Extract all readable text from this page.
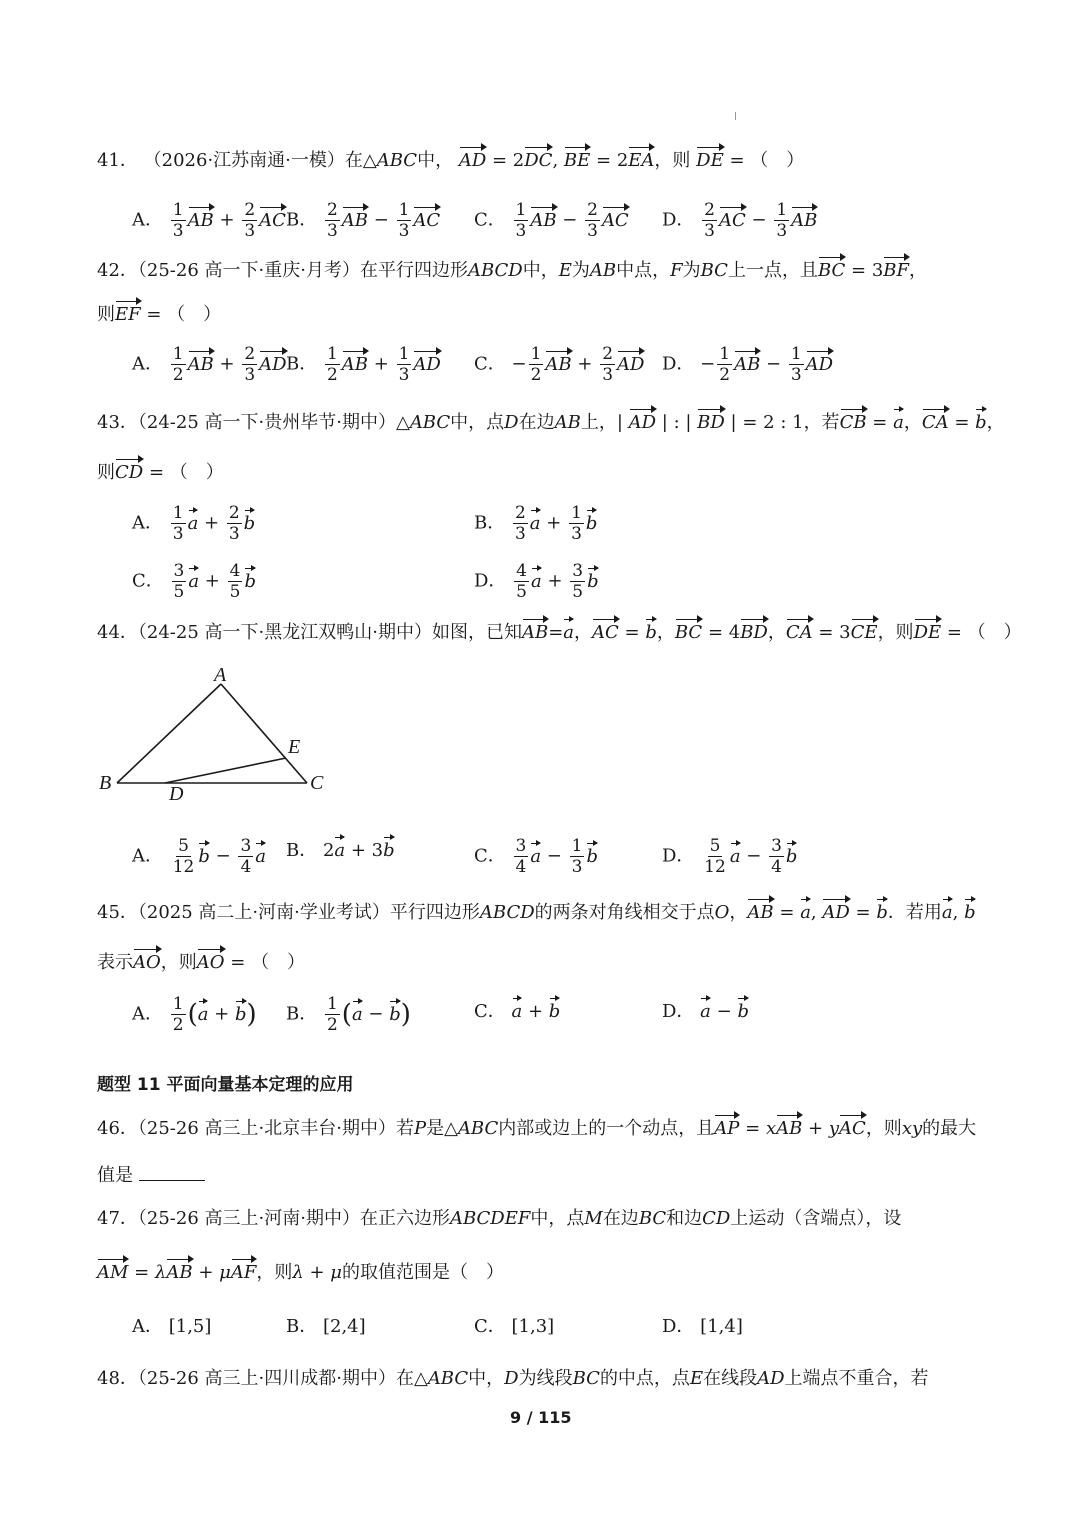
41． （2026·江苏南通·一模）在△ABC中， AD = 2DC, BE = 2EA，则 DE = （　）
A． $\frac{1}{3}$ AB + $\frac{2}{3}$ AC B． $\frac{2}{3}$ AB − $\frac{1}{3}$ AC C． $\frac{1}{3}$ AB − $\frac{2}{3}$ AC D． $\frac{2}{3}$ AC − $\frac{1}{3}$ AB
42．（25-26 高一下·重庆·月考）在平行四边形ABCD中，E为AB中点，F为BC上一点，且BC = 3BF，
则EF = （　）
A． $\frac{1}{2}$ AB + $\frac{2}{3}$ AD B． $\frac{1}{2}$ AB + $\frac{1}{3}$ AD C． − $\frac{1}{2}$ AB + $\frac{2}{3}$ AD D． − $\frac{1}{2}$ AB − $\frac{1}{3}$ AD
43．（24-25 高一下·贵州毕节·期中）△ABC中，点D在边AB上，| AD | : | BD | = 2 : 1，若CB = a，CA = b，
则CD = （　）
A． $\frac{1}{3}$ $a + \frac{2}{3}$ b	B． $\frac{2}{3}$ $a + \frac{1}{3}$ b
C． $\frac{3}{5}$ $a + \frac{4}{5}$ b	D． $\frac{4}{5}$ $a + \frac{3}{5}$ b
44．（24-25 高一下·黑龙江双鸭山·期中）如图，已知AB=a，AC = b，BC = 4BD，CA = 3CE，则DE = （　）
A
B	C
D
E
A． $\frac{5}{12}$ $b - \frac{3}{4}$ a B． 2a + 3b	C． $\frac{3}{4}$ $a - \frac{1}{3}$ b	D． $\frac{5}{12}$ $a - \frac{3}{4}$ b
45．（2025 高二上·河南·学业考试）平行四边形ABCD的两条对角线相交于点O，AB = a, AD = b．若用a, b
表示AO，则AO = （　）
A． $\frac{1}{2} (a + b)$ B． $\frac{1}{2} (a - b)$	C． a + b	D． a − b
题型 11 平面向量基本定理的应用
46．（25-26 高三上·北京丰台·期中）若P是△ABC内部或边上的一个动点，且AP = xAB + yAC，则xy的最大
值是
47．（25-26 高三上·河南·期中）在正六边形ABCDEF中，点M在边BC和边CD上运动（含端点），设
AM = λAB + μAF，则λ + μ的取值范围是（　）
A． [1,5]	B． [2,4]	C． [1,3]	D． [1,4]
48．（25-26 高三上·四川成都·期中）在△ABC中，D为线段BC的中点，点E在线段AD上端点不重合，若
9 / 115
